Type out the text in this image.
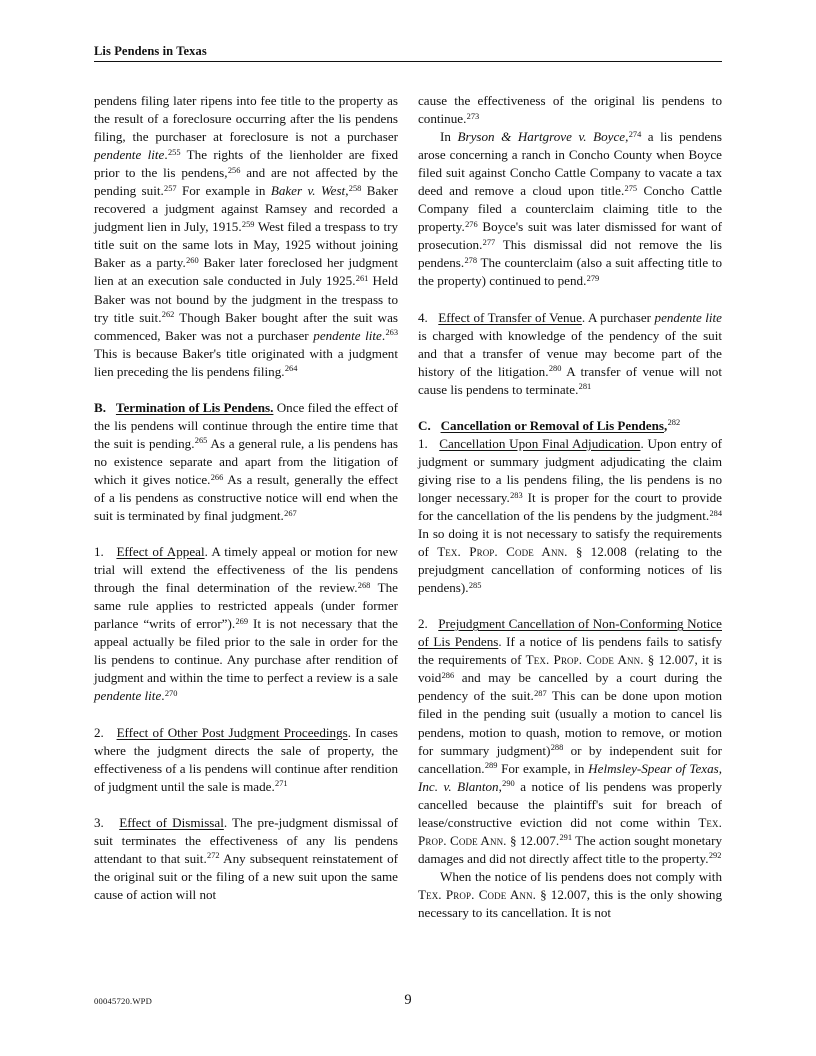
Lis Pendens in Texas

pendens filing later ripens into fee title to the property as the result of a foreclosure occurring after the lis pendens filing, the purchaser at foreclosure is not a purchaser pendente lite.$^{255}$ The rights of the lienholder are fixed prior to the lis pendens,$^{256}$ and are not affected by the pending suit.$^{257}$ For example in Baker v. West,$^{258}$ Baker recovered a judgment against Ramsey and recorded a judgment lien in July, 1915.$^{259}$ West filed a trespass to try title suit on the same lots in May, 1925 without joining Baker as a party.$^{260}$ Baker later foreclosed her judgment lien at an execution sale conducted in July 1925.$^{261}$ Held Baker was not bound by the judgment in the trespass to try title suit.$^{262}$ Though Baker bought after the suit was commenced, Baker was not a purchaser pendente lite.$^{263}$ This is because Baker's title originated with a judgment lien preceding the lis pendens filing.$^{264}$

B. Termination of Lis Pendens. Once filed the effect of the lis pendens will continue through the entire time that the suit is pending.$^{265}$ As a general rule, a lis pendens has no existence separate and apart from the litigation of which it gives notice.$^{266}$ As a result, generally the effect of a lis pendens as constructive notice will end when the suit is terminated by final judgment.$^{267}$

1. Effect of Appeal. A timely appeal or motion for new trial will extend the effectiveness of the lis pendens through the final determination of the review.$^{268}$ The same rule applies to restricted appeals (under former parlance “writs of error”).$^{269}$ It is not necessary that the appeal actually be filed prior to the sale in order for the lis pendens to continue. Any purchase after rendition of judgment and within the time to perfect a review is a sale pendente lite.$^{270}$

2. Effect of Other Post Judgment Proceedings. In cases where the judgment directs the sale of property, the effectiveness of a lis pendens will continue after rendition of judgment until the sale is made.$^{271}$

3. Effect of Dismissal. The pre-judgment dismissal of suit terminates the effectiveness of any lis pendens attendant to that suit.$^{272}$ Any subsequent reinstatement of the original suit or the filing of a new suit upon the same cause of action will not

cause the effectiveness of the original lis pendens to continue.$^{273}$

In Bryson & Hartgrove v. Boyce,$^{274}$ a lis pendens arose concerning a ranch in Concho County when Boyce filed suit against Concho Cattle Company to vacate a tax deed and remove a cloud upon title.$^{275}$ Concho Cattle Company filed a counterclaim claiming title to the property.$^{276}$ Boyce's suit was later dismissed for want of prosecution.$^{277}$ This dismissal did not remove the lis pendens.$^{278}$ The counterclaim (also a suit affecting title to the property) continued to pend.$^{279}$

4. Effect of Transfer of Venue. A purchaser pendente lite is charged with knowledge of the pendency of the suit and that a transfer of venue may become part of the history of the litigation.$^{280}$ A transfer of venue will not cause lis pendens to terminate.$^{281}$

C. Cancellation or Removal of Lis Pendens,$^{282}$

1. Cancellation Upon Final Adjudication. Upon entry of judgment or summary judgment adjudicating the claim giving rise to a lis pendens filing, the lis pendens is no longer necessary.$^{283}$ It is proper for the court to provide for the cancellation of the lis pendens by the judgment.$^{284}$ In so doing it is not necessary to satisfy the requirements of Tex. Prop. Code Ann. § 12.008 (relating to the prejudgment cancellation of conforming notices of lis pendens).$^{285}$

2. Prejudgment Cancellation of Non-Conforming Notice of Lis Pendens. If a notice of lis pendens fails to satisfy the requirements of Tex. Prop. Code Ann. § 12.007, it is void$^{286}$ and may be cancelled by a court during the pendency of the suit.$^{287}$ This can be done upon motion filed in the pending suit (usually a motion to cancel lis pendens, motion to quash, motion to remove, or motion for summary judgment)$^{288}$ or by independent suit for cancellation.$^{289}$ For example, in Helmsley-Spear of Texas, Inc. v. Blanton,$^{290}$ a notice of lis pendens was properly cancelled because the plaintiff's suit for breach of lease/constructive eviction did not come within Tex. Prop. Code Ann. § 12.007.$^{291}$ The action sought monetary damages and did not directly affect title to the property.$^{292}$

When the notice of lis pendens does not comply with Tex. Prop. Code Ann. § 12.007, this is the only showing necessary to its cancellation. It is not

00045720.WPD	9
